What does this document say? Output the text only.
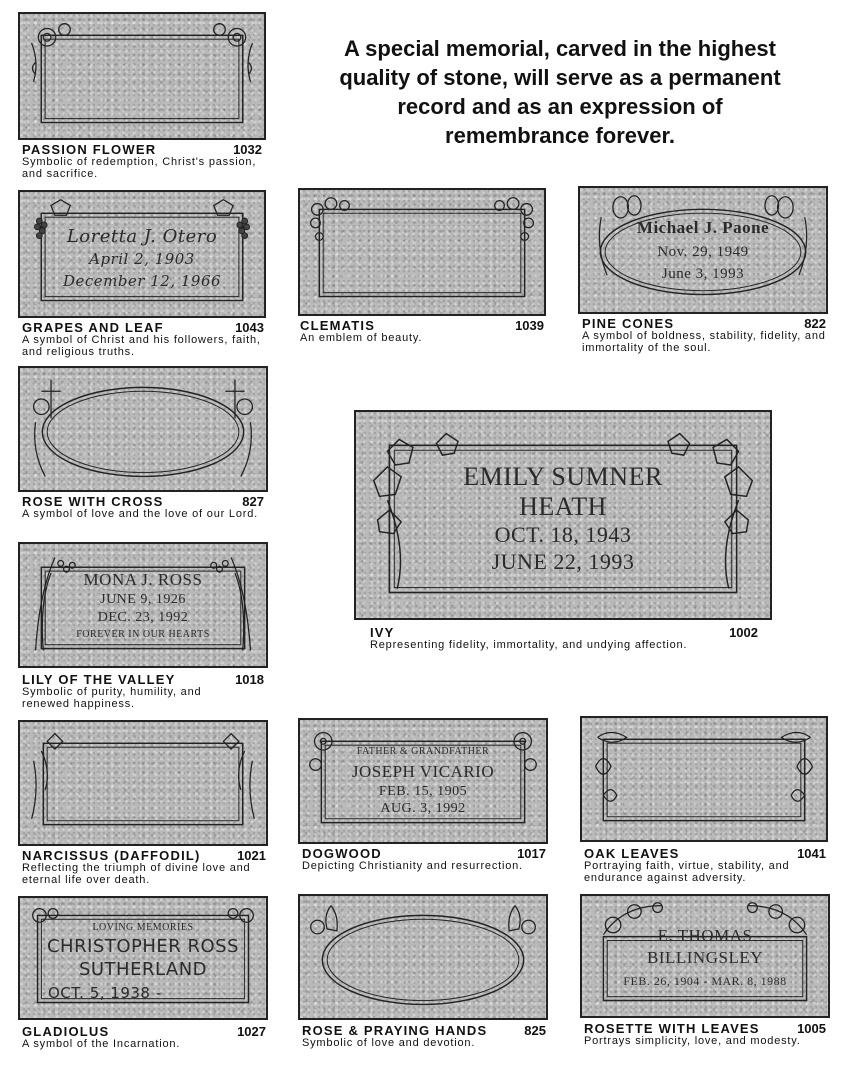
A special memorial, carved in the highest quality of stone, will serve as a permanent record and as an expression of remembrance forever.
PASSION FLOWER	1032
Symbolic of redemption, Christ's passion, and sacrifice.
Loretta J. Otero
April 2, 1903
December 12, 1966
GRAPES AND LEAF	1043
A symbol of Christ and his followers, faith, and religious truths.
CLEMATIS	1039
An emblem of beauty.
Michael J. Paone
Nov. 29, 1949
June 3, 1993
PINE CONES	822
A symbol of boldness, stability, fidelity, and immortality of the soul.
ROSE WITH CROSS	827
A symbol of love and the love of our Lord.
EMILY SUMNER
HEATH
OCT. 18, 1943
JUNE 22, 1993
IVY	1002
Representing fidelity, immortality, and undying affection.
MONA J. ROSS
JUNE 9, 1926
DEC. 23, 1992
FOREVER IN OUR HEARTS
LILY OF THE VALLEY	1018
Symbolic of purity, humility, and renewed happiness.
NARCISSUS (DAFFODIL)	1021
Reflecting the triumph of divine love and eternal life over death.
FATHER & GRANDFATHER
JOSEPH VICARIO
FEB. 15, 1905
AUG. 3, 1992
DOGWOOD	1017
Depicting Christianity and resurrection.
OAK LEAVES	1041
Portraying faith, virtue, stability, and endurance against adversity.
LOVING MEMORIES
CHRISTOPHER ROSS
SUTHERLAND
OCT. 5, 1938 -
GLADIOLUS	1027
A symbol of the Incarnation.
ROSE & PRAYING HANDS	825
Symbolic of love and devotion.
E. THOMAS
BILLINGSLEY
FEB. 26, 1904 - MAR. 8, 1988
ROSETTE WITH LEAVES	1005
Portrays simplicity, love, and modesty.
